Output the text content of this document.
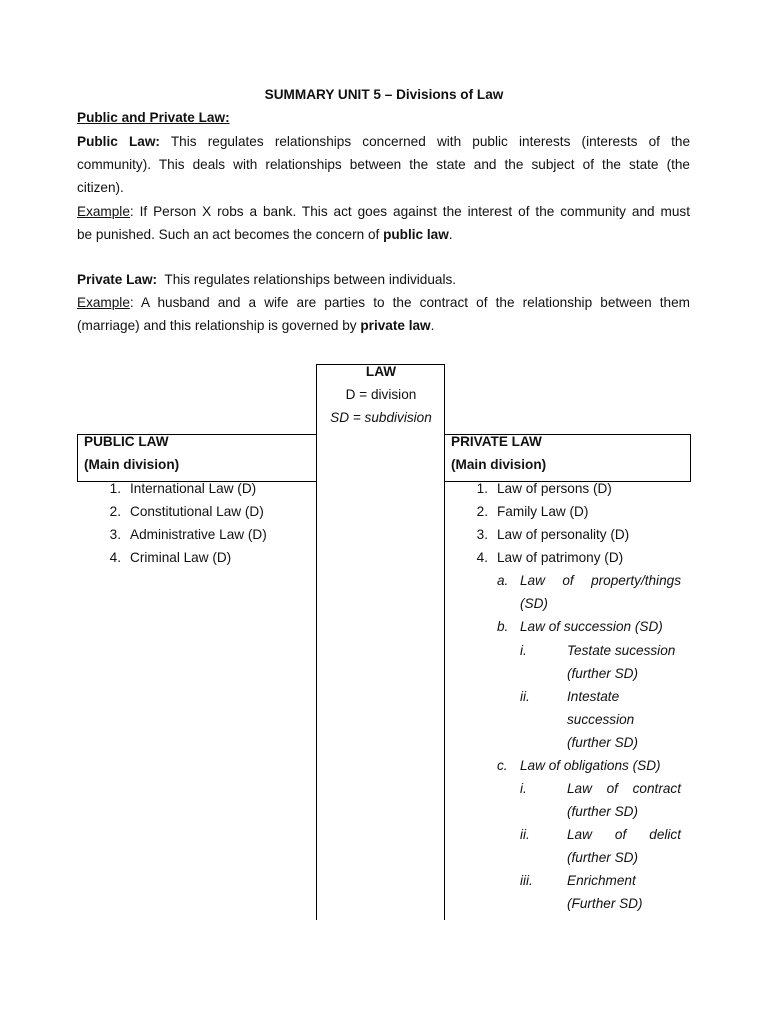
SUMMARY UNIT 5 – Divisions of Law
Public and Private Law:
Public Law: This regulates relationships concerned with public interests (interests of the
community). This deals with relationships between the state and the subject of the state (the
citizen).
Example: If Person X robs a bank. This act goes against the interest of the community and must
be punished. Such an act becomes the concern of public law.
Private Law: This regulates relationships between individuals.
Example: A husband and a wife are parties to the contract of the relationship between them
(marriage) and this relationship is governed by private law.
LAW
D = division
SD = subdivision
PUBLIC LAW
(Main division)
PRIVATE LAW
(Main division)
1. International Law (D)
2. Constitutional Law (D)
3. Administrative Law (D)
4. Criminal Law (D)
1. Law of persons (D)
2. Family Law (D)
3. Law of personality (D)
4. Law of patrimony (D)
a. Law of property/things
(SD)
b. Law of succession (SD)
i.	Testate sucession
(further SD)
ii.	Intestate
succession
(further SD)
c. Law of obligations (SD)
i.	Law of contract
(further SD)
ii.	Law of delict
(further SD)
iii.	Enrichment
(Further SD)
